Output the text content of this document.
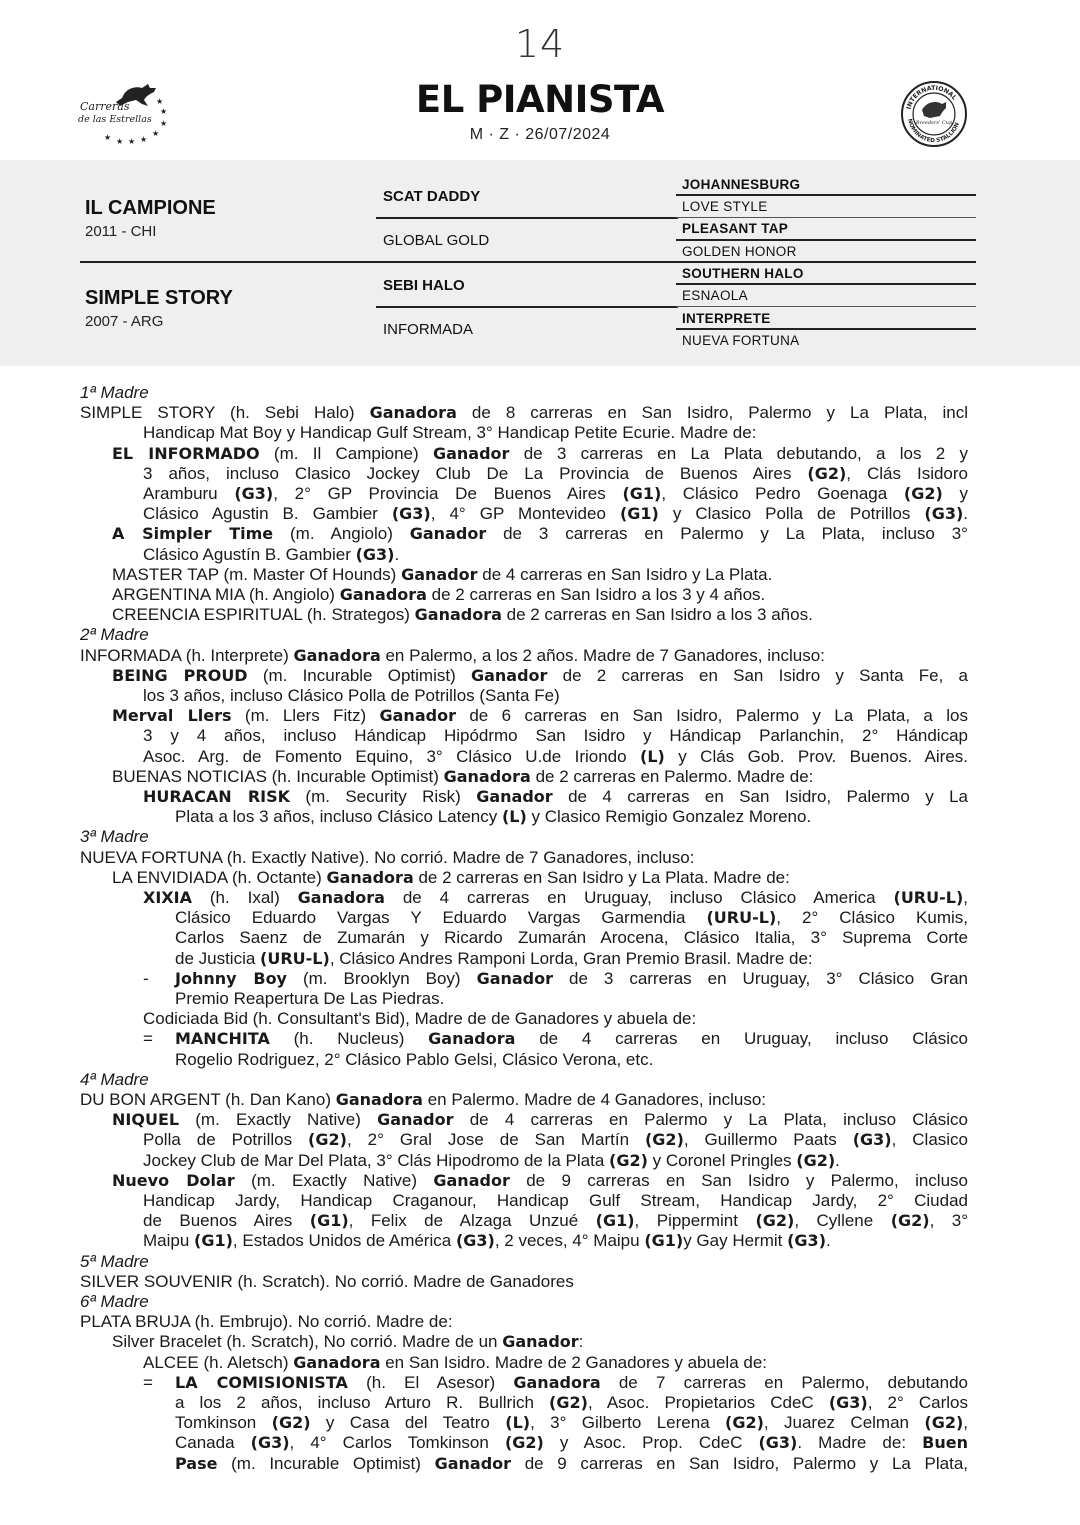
Carreras
de las Estrellas
★
★
★
★
★
★
★
★
14
EL PIANISTA
M · Z · 26/07/2024
INTERNATIONAL
NOMINATED STALLION
Breeders' Cup
IL CAMPIONE
2011 - CHI
SIMPLE STORY
2007 - ARG
SCAT DADDY
GLOBAL GOLD
SEBI HALO
INFORMADA
JOHANNESBURG
LOVE STYLE
PLEASANT TAP
GOLDEN HONOR
SOUTHERN HALO
ESNAOLA
INTERPRETE
NUEVA FORTUNA
1ª Madre
SIMPLE STORY (h. Sebi Halo) Ganadora de 8 carreras en San Isidro, Palermo y La Plata, incl
Handicap Mat Boy y Handicap Gulf Stream, 3° Handicap Petite Ecurie. Madre de:
EL INFORMADO (m. Il Campione) Ganador de 3 carreras en La Plata debutando, a los 2 y
3 años, incluso Clasico Jockey Club De La Provincia de Buenos Aires (G2), Clás Isidoro
Aramburu (G3), 2° GP Provincia De Buenos Aires (G1), Clásico Pedro Goenaga (G2) y
Clásico Agustin B. Gambier (G3), 4° GP Montevideo (G1) y Clasico Polla de Potrillos (G3).
A Simpler Time (m. Angiolo) Ganador de 3 carreras en Palermo y La Plata, incluso 3°
Clásico Agustín B. Gambier (G3).
MASTER TAP (m. Master Of Hounds) Ganador de 4 carreras en San Isidro y La Plata.
ARGENTINA MIA (h. Angiolo) Ganadora de 2 carreras en San Isidro a los 3 y 4 años.
CREENCIA ESPIRITUAL (h. Strategos) Ganadora de 2 carreras en San Isidro a los 3 años.
2ª Madre
INFORMADA (h. Interprete) Ganadora en Palermo, a los 2 años. Madre de 7 Ganadores, incluso:
BEING PROUD (m. Incurable Optimist) Ganador de 2 carreras en San Isidro y Santa Fe, a
los 3 años, incluso Clásico Polla de Potrillos (Santa Fe)
Merval Llers (m. Llers Fitz) Ganador de 6 carreras en San Isidro, Palermo y La Plata, a los
3 y 4 años, incluso Hándicap Hipódrmo San Isidro y Hándicap Parlanchin, 2° Hándicap
Asoc. Arg. de Fomento Equino, 3° Clásico U.de Iriondo (L) y Clás Gob. Prov. Buenos. Aires.
BUENAS NOTICIAS (h. Incurable Optimist) Ganadora de 2 carreras en Palermo. Madre de:
HURACAN RISK (m. Security Risk) Ganador de 4 carreras en San Isidro, Palermo y La
Plata a los 3 años, incluso Clásico Latency (L) y Clasico Remigio Gonzalez Moreno.
3ª Madre
NUEVA FORTUNA (h. Exactly Native). No corrió. Madre de 7 Ganadores, incluso:
LA ENVIDIADA (h. Octante) Ganadora de 2 carreras en San Isidro y La Plata. Madre de:
XIXIA (h. Ixal) Ganadora de 4 carreras en Uruguay, incluso Clásico America (URU-L),
Clásico Eduardo Vargas Y Eduardo Vargas Garmendia (URU-L), 2° Clásico Kumis,
Carlos Saenz de Zumarán y Ricardo Zumarán Arocena, Clásico Italia, 3° Suprema Corte
de Justicia (URU-L), Clásico Andres Ramponi Lorda, Gran Premio Brasil. Madre de:
- Johnny Boy (m. Brooklyn Boy) Ganador de 3 carreras en Uruguay, 3° Clásico Gran
Premio Reapertura De Las Piedras.
Codiciada Bid (h. Consultant's Bid), Madre de de Ganadores y abuela de:
= MANCHITA (h. Nucleus) Ganadora de 4 carreras en Uruguay, incluso Clásico
Rogelio Rodriguez, 2° Clásico Pablo Gelsi, Clásico Verona, etc.
4ª Madre
DU BON ARGENT (h. Dan Kano) Ganadora en Palermo. Madre de 4 Ganadores, incluso:
NIQUEL (m. Exactly Native) Ganador de 4 carreras en Palermo y La Plata, incluso Clásico
Polla de Potrillos (G2), 2° Gral Jose de San Martín (G2), Guillermo Paats (G3), Clasico
Jockey Club de Mar Del Plata, 3° Clás Hipodromo de la Plata (G2) y Coronel Pringles (G2).
Nuevo Dolar (m. Exactly Native) Ganador de 9 carreras en San Isidro y Palermo, incluso
Handicap Jardy, Handicap Craganour, Handicap Gulf Stream, Handicap Jardy, 2° Ciudad
de Buenos Aires (G1), Felix de Alzaga Unzué (G1), Pippermint (G2), Cyllene (G2), 3°
Maipu (G1), Estados Unidos de América (G3), 2 veces, 4° Maipu (G1)y Gay Hermit (G3).
5ª Madre
SILVER SOUVENIR (h. Scratch). No corrió. Madre de Ganadores
6ª Madre
PLATA BRUJA (h. Embrujo). No corrió. Madre de:
Silver Bracelet (h. Scratch), No corrió. Madre de un Ganador:
ALCEE (h. Aletsch) Ganadora en San Isidro. Madre de 2 Ganadores y abuela de:
= LA COMISIONISTA (h. El Asesor) Ganadora de 7 carreras en Palermo, debutando
a los 2 años, incluso Arturo R. Bullrich (G2), Asoc. Propietarios CdeC (G3), 2° Carlos
Tomkinson (G2) y Casa del Teatro (L), 3° Gilberto Lerena (G2), Juarez Celman (G2),
Canada (G3), 4° Carlos Tomkinson (G2) y Asoc. Prop. CdeC (G3). Madre de: Buen
Pase (m. Incurable Optimist) Ganador de 9 carreras en San Isidro, Palermo y La Plata,
